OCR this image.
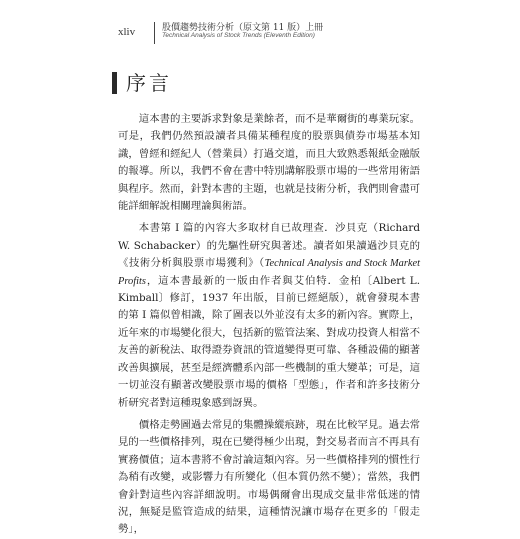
xliv	股價趨勢技術分析（原文第 11 版）上冊
Technical Analysis of Stock Trends (Eleventh Edition)
序言

這本書的主要訴求對象是業餘者，而不是華爾街的專業玩家。可是，我們仍然預設讀者具備某種程度的股票與債券市場基本知識，曾經和經紀人（營業員）打過交道，而且大致熟悉報紙金融版的報導。所以，我們不會在書中特別講解股票市場的一些常用術語與程序。然而，針對本書的主題，也就是技術分析，我們則會盡可能詳細解說相關理論與術語。

本書第 I 篇的內容大多取材自已故理查．沙貝克（Richard W. Schabacker）的先驅性研究與著述。讀者如果讀過沙貝克的《技術分析與股票市場獲利》（Technical Analysis and Stock Market Profits，這本書最新的一版由作者與艾伯特．金柏〔Albert L. Kimball〕修訂，1937 年出版，目前已經絕版），就會發現本書的第 I 篇似曾相識，除了圖表以外並沒有太多的新內容。實際上，近年來的市場變化很大，包括新的監管法案、對成功投資人相當不友善的新稅法、取得證券資訊的管道變得更可靠、各種設備的顯著改善與擴展，甚至是經濟體系內部一些機制的重大變革；可是，這一切並沒有顯著改變股票市場的價格「型態」，作者和許多技術分析研究者對這種現象感到訝異。

價格走勢圖過去常見的集體操縱痕跡，現在比較罕見。過去常見的一些價格排列，現在已變得極少出現，對交易者而言不再具有實務價值；這本書將不會討論這類內容。另一些價格排列的慣性行為稍有改變，或影響力有所變化（但本質仍然不變）；當然，我們會針對這些內容詳細說明。市場偶爾會出現成交量非常低迷的情況，無疑是監管造成的結果，這種情況讓市場存在更多的「假走勢」，
